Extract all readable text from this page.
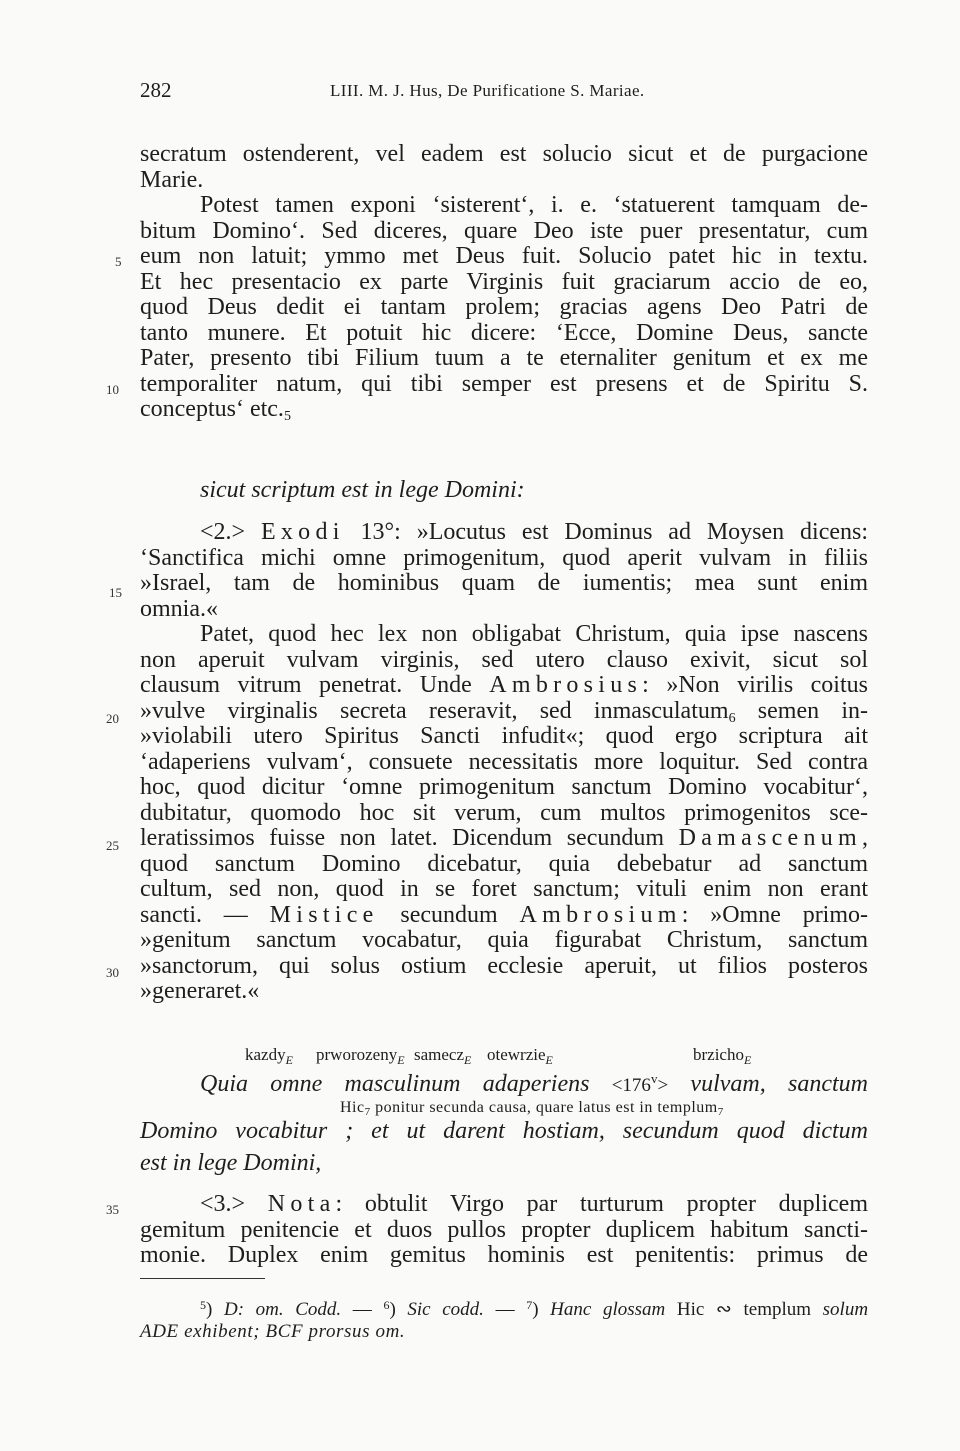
282	LIII. M. J. Hus, De Purificatione S. Mariae.
5
10
15
20
25
30
35
secratum ostenderent, vel eadem est solucio sicut et de purgacione
Marie.
Potest tamen exponi ‘sisterent‘, i. e. ‘statuerent tamquam de-
bitum Domino‘. Sed diceres, quare Deo iste puer presentatur, cum
eum non latuit; ymmo met Deus fuit. Solucio patet hic in textu.
Et hec presentacio ex parte Virginis fuit graciarum accio de eo,
quod Deus dedit ei tantam prolem; gracias agens Deo Patri de
tanto munere. Et potuit hic dicere: ‘Ecce, Domine Deus, sancte
Pater, presento tibi Filium tuum a te eternaliter genitum et ex me
temporaliter natum, qui tibi semper est presens et de Spiritu S.
conceptus‘ $etc._5$
sicut scriptum est in lege Domini:
<2.> Exodi 13°: »Locutus est Dominus ad Moysen dicens:
‘Sanctifica michi omne primogenitum, quod aperit vulvam in filiis
»Israel, tam de hominibus quam de iumentis; mea sunt enim
omnia.«
Patet, quod hec lex non obligabat Christum, quia ipse nascens
non aperuit vulvam virginis, sed utero clauso exivit, sicut sol
clausum vitrum penetrat. Unde Ambrosius: »Non virilis coitus
»vulve virginalis secreta reseravit, sed inmasculatum$_6$ semen in-
»violabili utero Spiritus Sancti infudit«; quod ergo scriptura ait
‘adaperiens vulvam‘, consuete necessitatis more loquitur. Sed contra
hoc, quod dicitur ‘omne primogenitum sanctum Domino vocabitur‘,
dubitatur, quomodo hoc sit verum, cum multos primogenitos sce-
leratissimos fuisse non latet. Dicendum secundum Damascenum,
quod sanctum Domino dicebatur, quia debebatur ad sanctum
cultum, sed non, quod in se foret sanctum; vituli enim non erant
sancti. — Mistice secundum Ambrosium: »Omne primo-
»genitum sanctum vocabatur, quia figurabat Christum, sanctum
»sanctorum, qui solus ostium ecclesie aperuit, ut filios posteros
»generaret.«
kazdy$_E$ prworozeny$_E$ samecz$_E$ otewrzie$_E$	brzicho$_E$
Quia omne masculinum adaperiens $<176^v>$ vulvam, sanctum
Hic$_7$ ponitur secunda causa, quare latus est in templum$_7$
Domino vocabitur ; et ut darent hostiam, secundum quod dictum
est in lege Domini,
<3.> Nota: obtulit Virgo par turturum propter duplicem
gemitum penitencie et duos pullos propter duplicem habitum sancti-
monie. Duplex enim gemitus hominis est penitentis: primus de
$^5$) D: om. Codd. — $^6$) Sic codd. — $^7$) Hanc glossam Hic ∾ templum solum
ADE exhibent; BCF prorsus om.
